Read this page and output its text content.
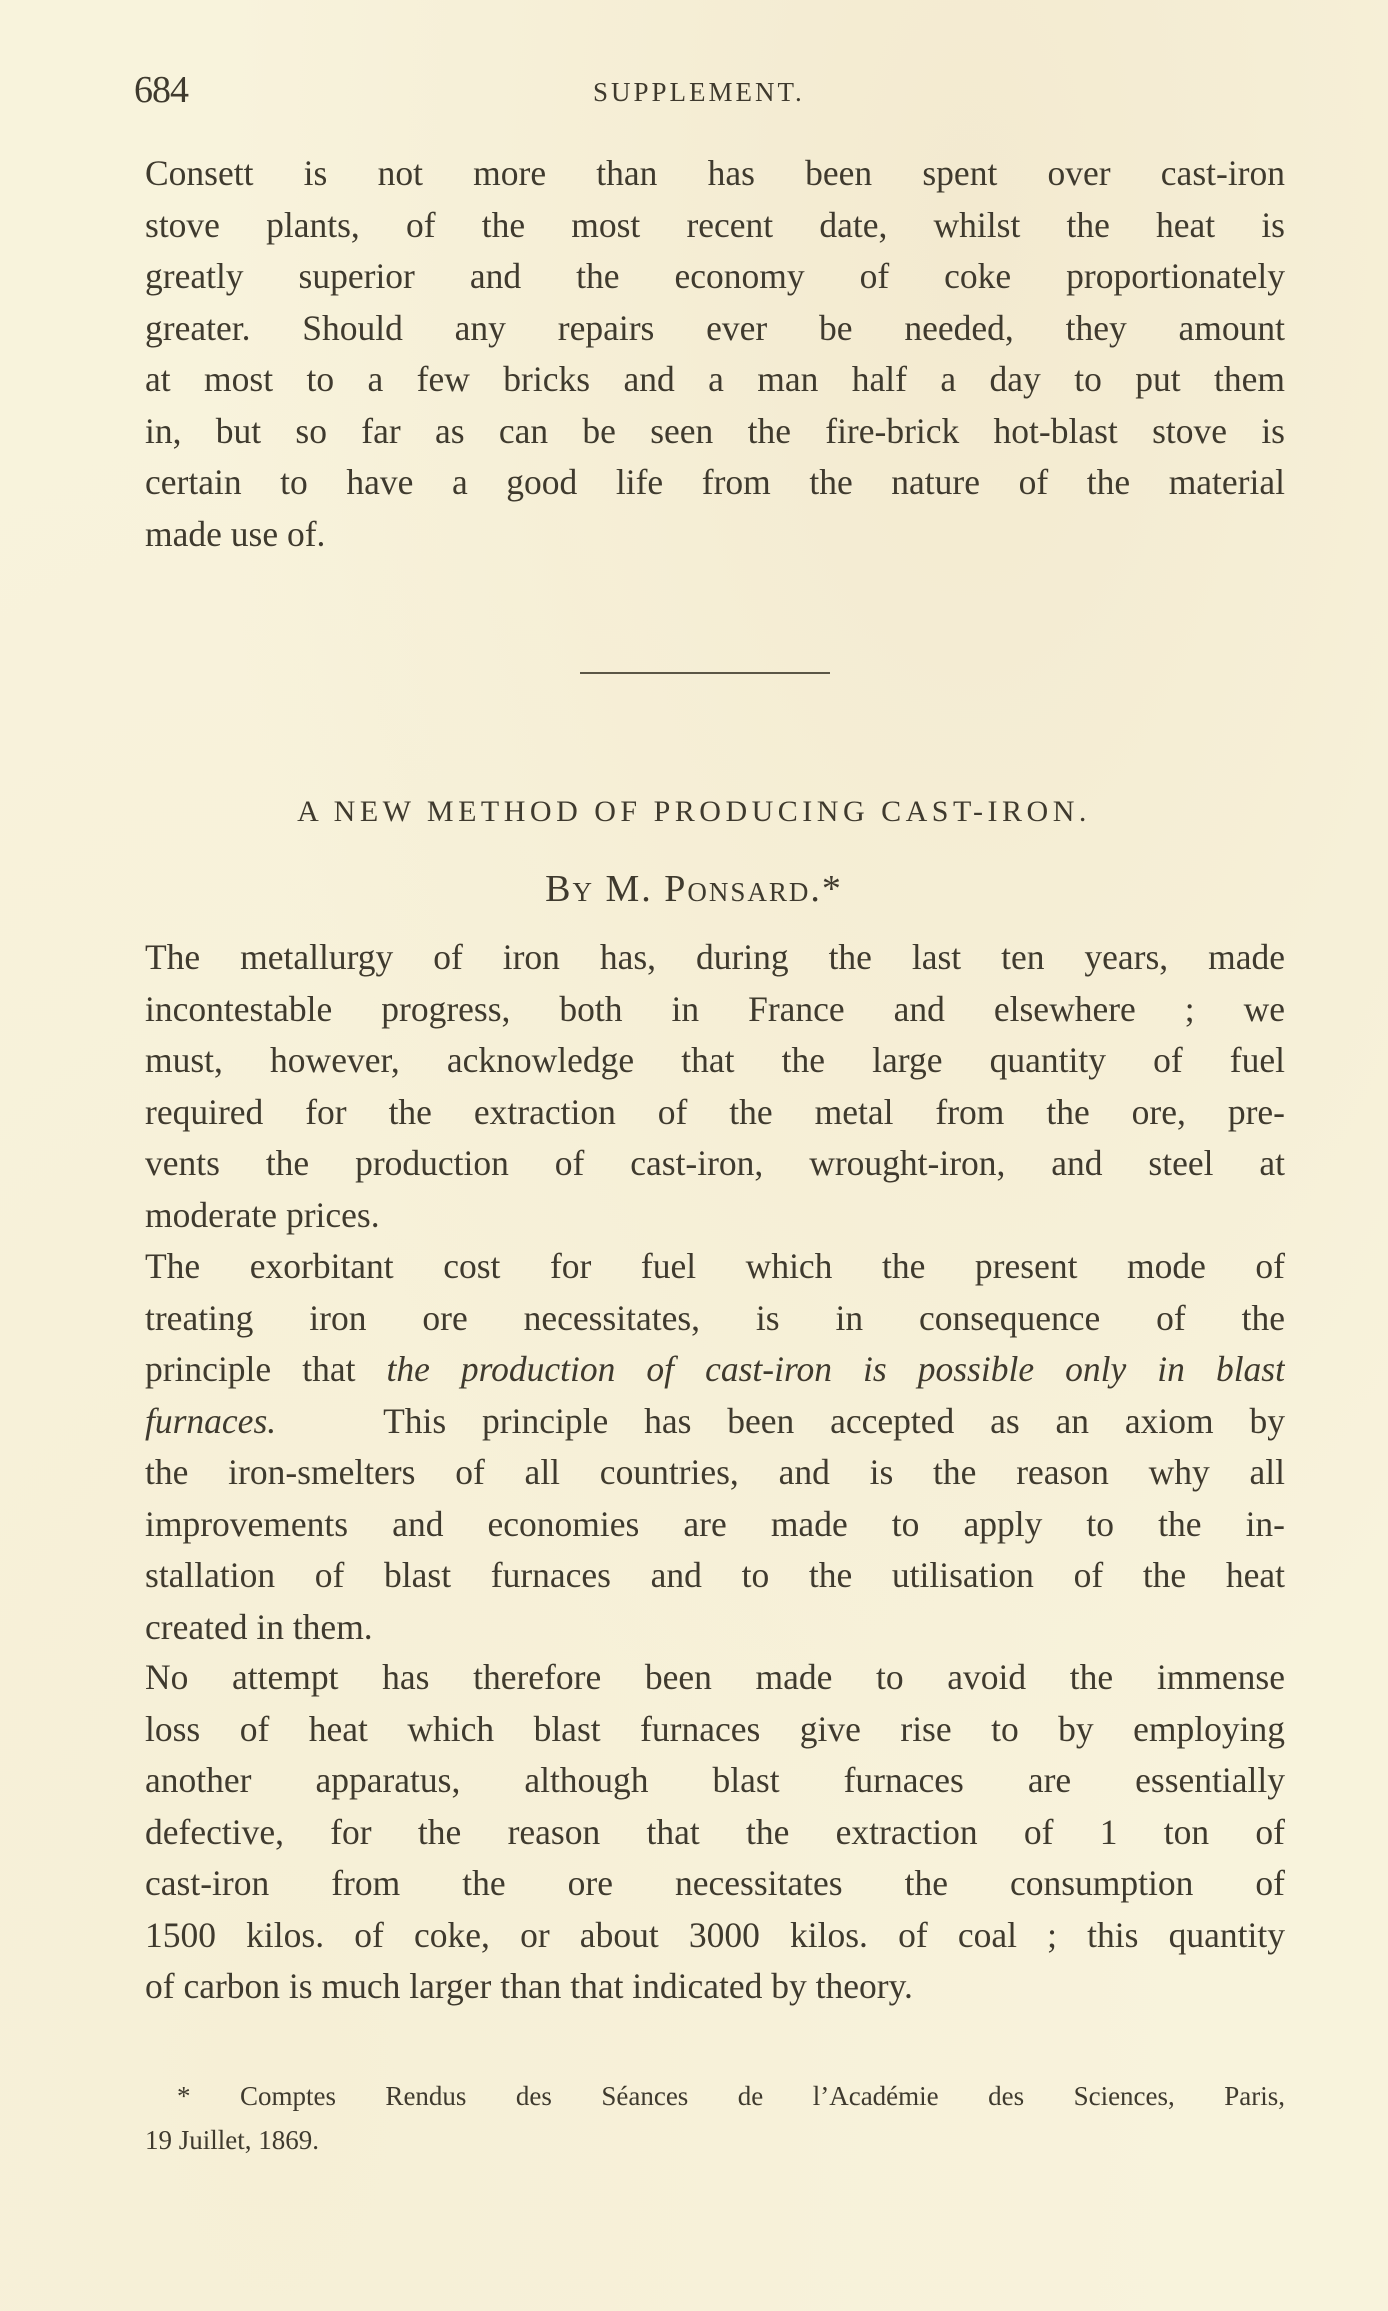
684	SUPPLEMENT.
Consett is not more than has been spent over cast-iron
stove plants, of the most recent date, whilst the heat is
greatly superior and the economy of coke proportionately
greater. Should any repairs ever be needed, they amount
at most to a few bricks and a man half a day to put them
in, but so far as can be seen the fire-brick hot-blast stove is
certain to have a good life from the nature of the material
made use of.
A NEW METHOD OF PRODUCING CAST-IRON.
By M. Ponsard.*
The metallurgy of iron has, during the last ten years, made
incontestable progress, both in France and elsewhere ; we
must, however, acknowledge that the large quantity of fuel
required for the extraction of the metal from the ore, pre-
vents the production of cast-iron, wrought-iron, and steel at
moderate prices.
The exorbitant cost for fuel which the present mode of
treating iron ore necessitates, is in consequence of the
principle that the production of cast-iron is possible only in blast
furnaces.	This principle has been accepted as an axiom by
the iron-smelters of all countries, and is the reason why all
improvements and economies are made to apply to the in-
stallation of blast furnaces and to the utilisation of the heat
created in them.
No attempt has therefore been made to avoid the immense
loss of heat which blast furnaces give rise to by employing
another apparatus, although blast furnaces are essentially
defective, for the reason that the extraction of 1 ton of
cast-iron from the ore necessitates the consumption of
1500 kilos. of coke, or about 3000 kilos. of coal ; this quantity
of carbon is much larger than that indicated by theory.
* Comptes Rendus des Séances de l’Académie des Sciences, Paris,
19 Juillet, 1869.
